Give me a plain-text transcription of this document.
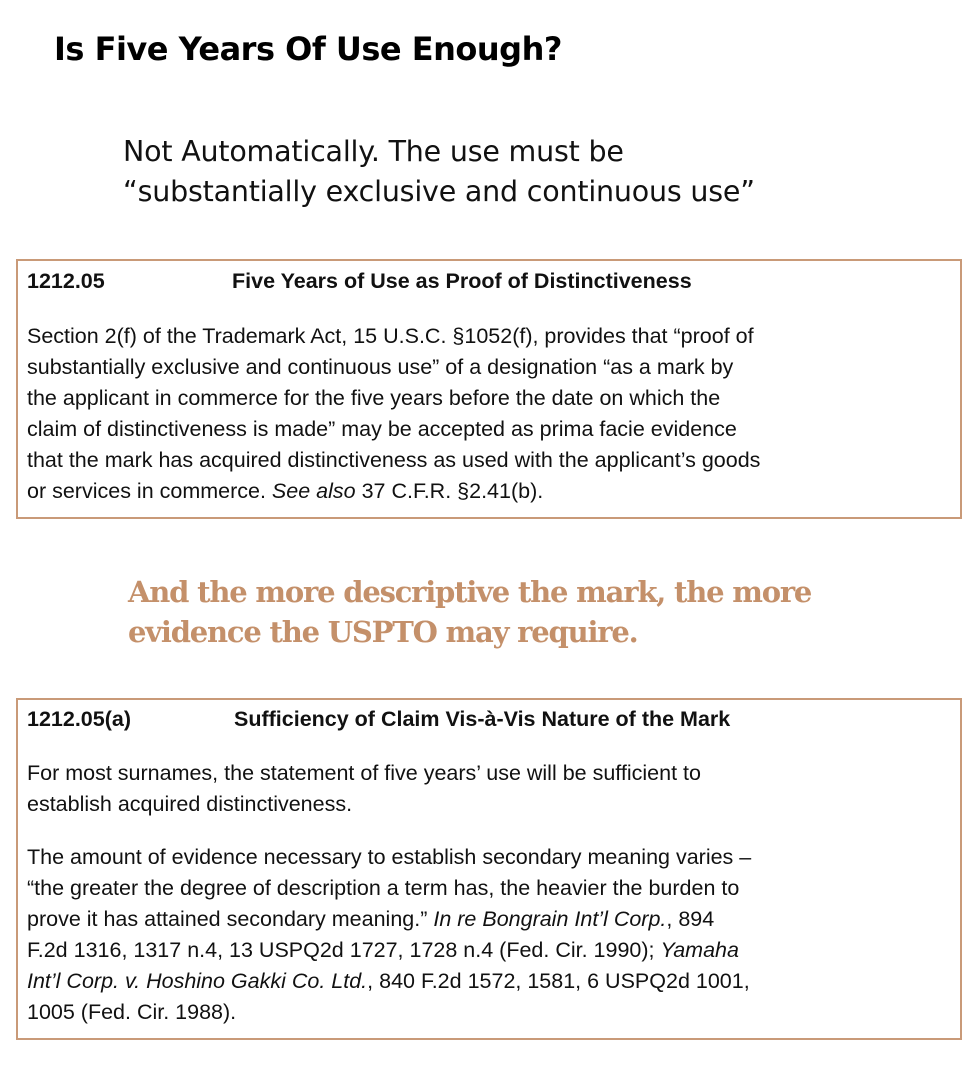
Is Five Years Of Use Enough?
Not Automatically. The use must be
“substantially exclusive and continuous use”
1212.05	Five Years of Use as Proof of Distinctiveness

Section 2(f) of the Trademark Act, 15 U.S.C. §1052(f), provides that “proof of
substantially exclusive and continuous use” of a designation “as a mark by
the applicant in commerce for the five years before the date on which the
claim of distinctiveness is made” may be accepted as prima facie evidence
that the mark has acquired distinctiveness as used with the applicant’s goods
or services in commerce. See also 37 C.F.R. §2.41(b).

And the more descriptive the mark, the more
evidence the USPTO may require.
1212.05(a)	Sufficiency of Claim Vis-à-Vis Nature of the Mark

For most surnames, the statement of five years’ use will be sufficient to
establish acquired distinctiveness.

The amount of evidence necessary to establish secondary meaning varies –
“the greater the degree of description a term has, the heavier the burden to
prove it has attained secondary meaning.” In re Bongrain Int’l Corp., 894
F.2d 1316, 1317 n.4, 13 USPQ2d 1727, 1728 n.4 (Fed. Cir. 1990); Yamaha
Int’l Corp. v. Hoshino Gakki Co. Ltd., 840 F.2d 1572, 1581, 6 USPQ2d 1001,
1005 (Fed. Cir. 1988).
